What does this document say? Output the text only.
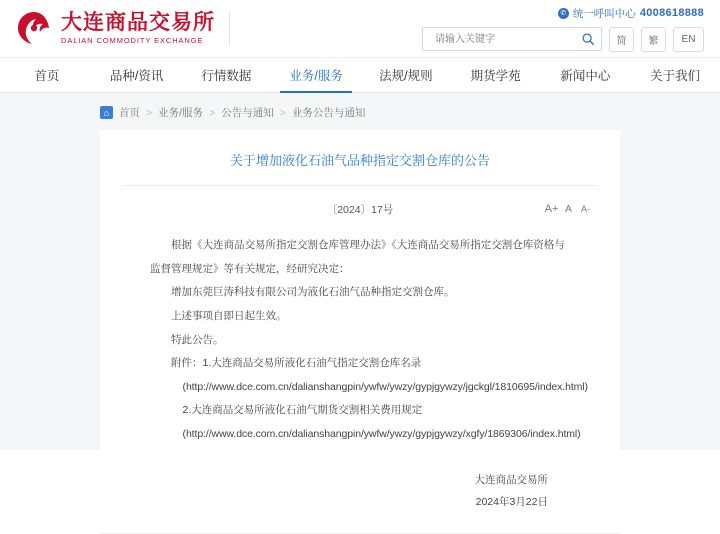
大连商品交易所
DALIAN COMMODITY EXCHANGE
✆ 统一呼叫中心 4008618888
请输入关键字
简	繁	EN
首页	品种/资讯	行情数据	业务/服务	法规/规则	期货学苑	新闻中心	关于我们
⌂ 首页 > 业务/服务 > 公告与通知 > 业务公告与通知
关于增加液化石油气品种指定交割仓库的公告
〔2024〕17号	A+ A	A-

根据《大连商品交易所指定交割仓库管理办法》《大连商品交易所指定交割仓库资格与监督管理规定》等有关规定，经研究决定：

增加东莞巨涛科技有限公司为液化石油气品种指定交割仓库。

上述事项自即日起生效。

特此公告。

附件：1.大连商品交易所液化石油气指定交割仓库名录

(http://www.dce.com.cn/dalianshangpin/ywfw/ywzy/gypjgywzy/jgckgl/1810695/index.html)

2.大连商品交易所液化石油气期货交割相关费用规定

(http://www.dce.com.cn/dalianshangpin/ywfw/ywzy/gypjgywzy/xgfy/1869306/index.html)

大连商品交易所
2024年3月22日
